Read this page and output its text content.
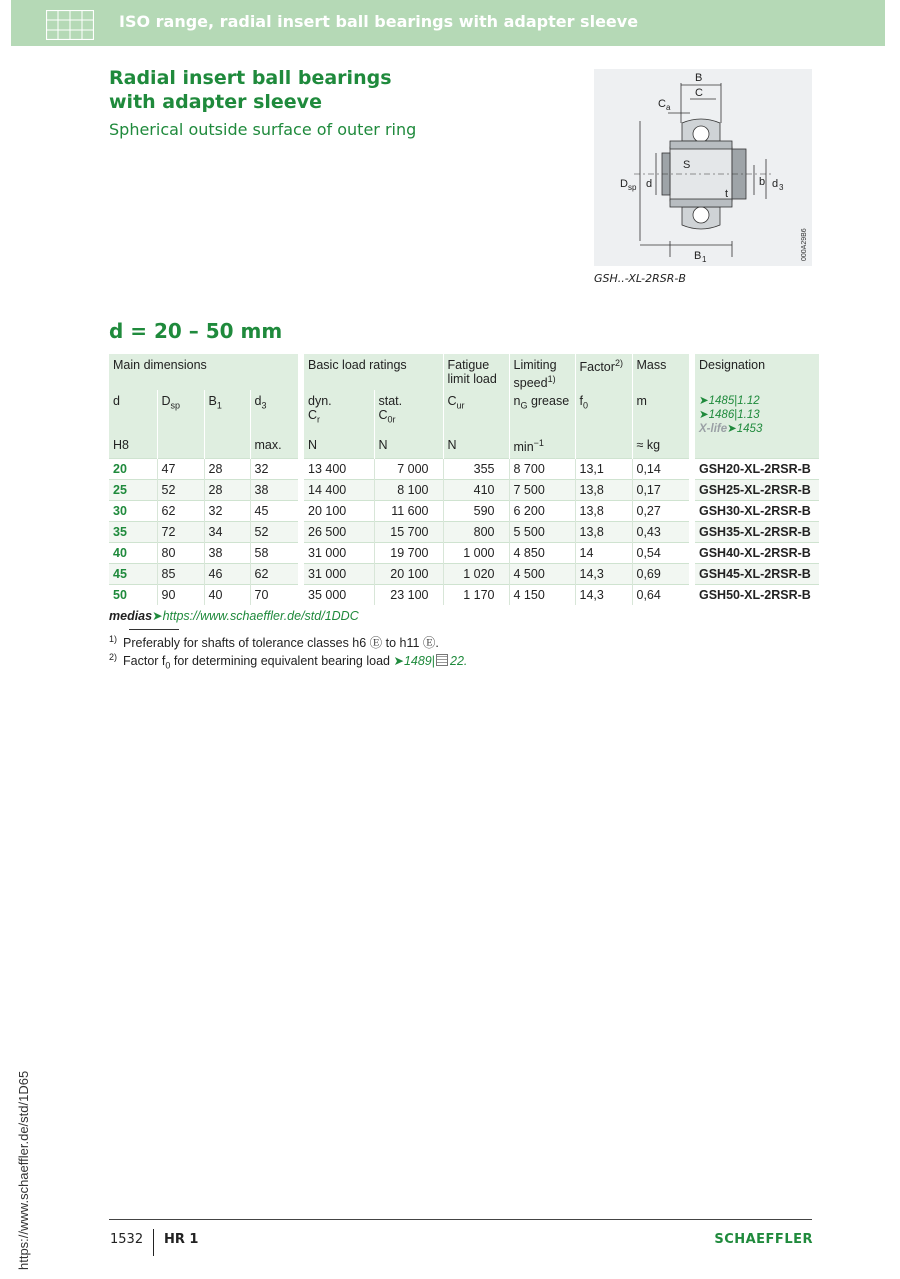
ISO range, radial insert ball bearings with adapter sleeve
Radial insert ball bearings
with adapter sleeve
Spherical outside surface of outer ring
B
C
C a
S
D sp d	b d 3
t
B 1	000A29B6
GSH..-XL-2RSR-B
d = 20 – 50 mm
Main dimensions					Basic load ratings		Fatigue
limit load	Limiting
speed$^{1)}$	Factor$^{2)}$	Mass		Designation
d	$D_{sp}$	$B_1$	$d_3$		dyn.
$C_r$	stat.
$C_{0r}$	$C_{ur}$	$n_G$ grease	$f_0$	m		➤1485|1.12
➤1486|1.13
X-life➤1453
H8			max.		N	N	N	$\min^{-1}$		≈ kg		
20	47	28	32		13 400	7 000	355	8 700	13,1	0,14		GSH20-XL-2RSR-B
25	52	28	38		14 400	8 100	410	7 500	13,8	0,17		GSH25-XL-2RSR-B
30	62	32	45		20 100	11 600	590	6 200	13,8	0,27		GSH30-XL-2RSR-B
35	72	34	52		26 500	15 700	800	5 500	13,8	0,43		GSH35-XL-2RSR-B
40	80	38	58		31 000	19 700	1 000	4 850	14	0,54		GSH40-XL-2RSR-B
45	85	46	62		31 000	20 100	1 020	4 500	14,3	0,69		GSH45-XL-2RSR-B
50	90	40	70		35 000	23 100	1 170	4 150	14,3	0,64		GSH50-XL-2RSR-B
medias➤https://www.schaeffler.de/std/1DDC
$^{1)}$ Preferably for shafts of tolerance classes h6 Ⓔ to h11 Ⓔ.
$^{2)}$ Factor $f_0$ for determining equivalent bearing load ➤1489| 22.
https://www.schaeffler.de/std/1D65	1532 HR 1	SCHAEFFLER
